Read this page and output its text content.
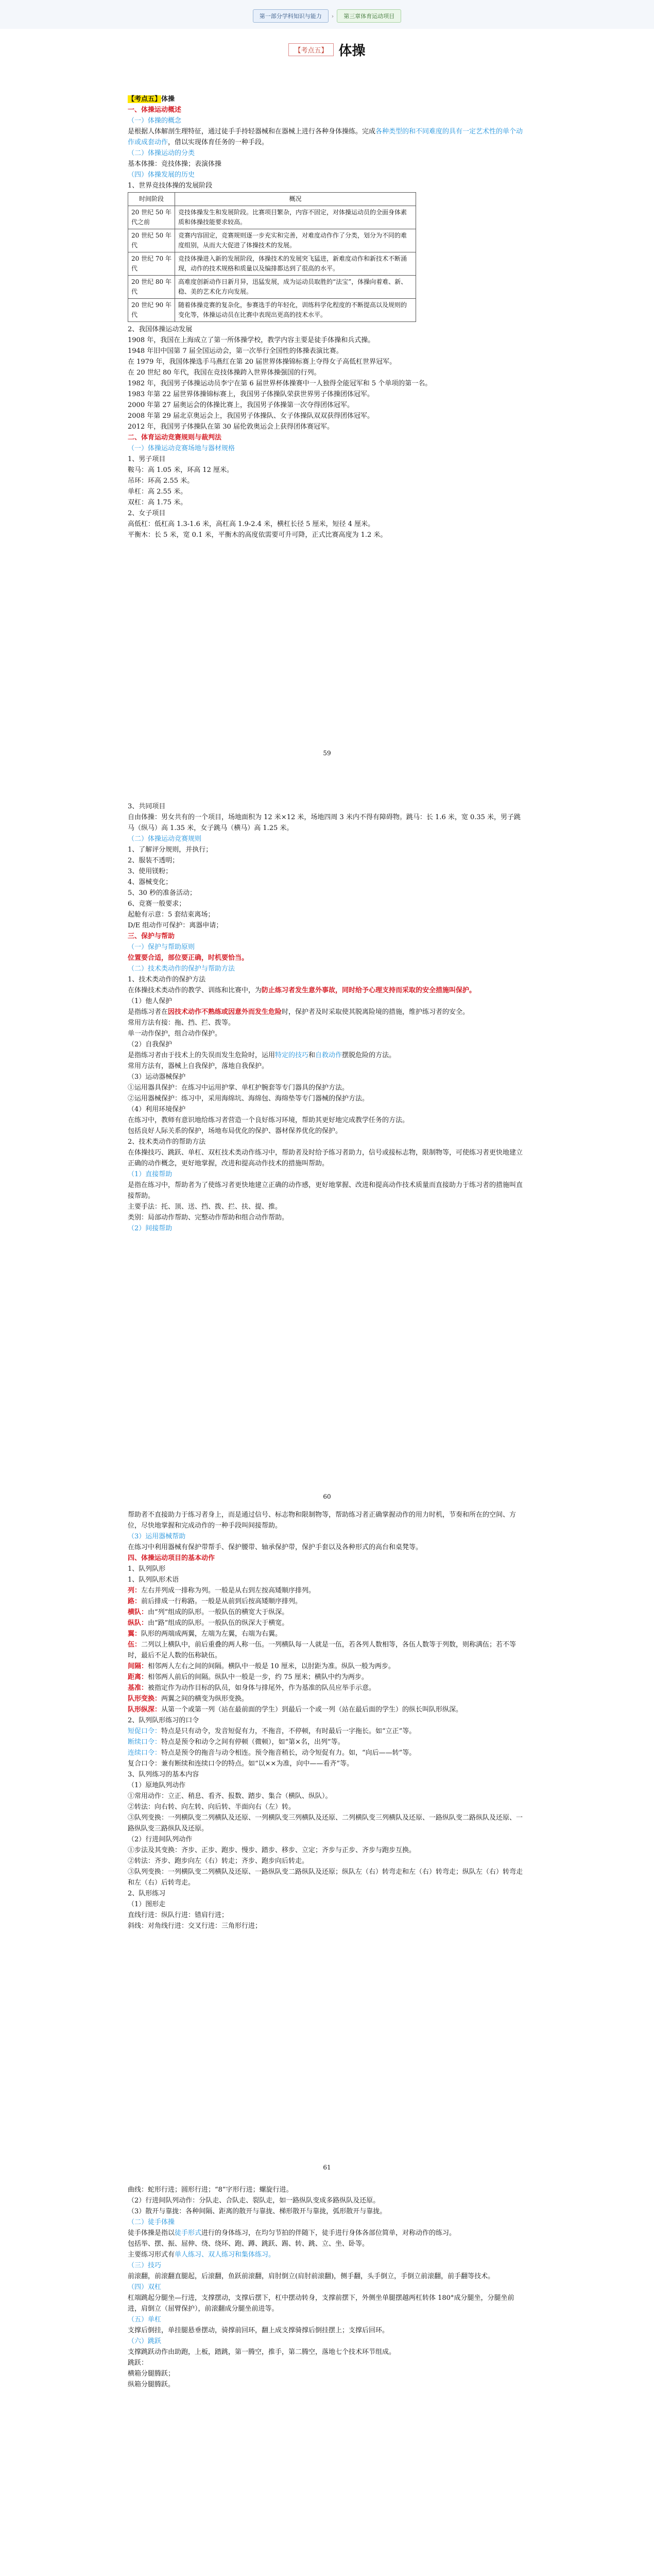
第一部分学科知识与能力 › 第三章体育运动项目
【考点五】 体操
【考点五】体操
一、体操运动概述
（一）体操的概念
是根据人体解剖生理特征，通过徒手手持轻器械和在器械上进行各种身体操练。完成各种类型的和不同难度的具有一定艺术性的单个动作或成套动作，借以实现体育任务的一种手段。
（二）体操运动的分类
基本体操：竞技体操；表演体操
（四）体操发展的历史
1、世界竞技体操的发展阶段
时间阶段	概况
20 世纪 50 年代之前	竞技体操发生和发展阶段。比赛项目繁杂，内容不固定，对体操运动员的全面身体素质和体操技能要求较高。
20 世纪 50 年代	竞赛内容固定，竞赛规则逐一步充实和完善，对难度动作作了分类，划分为不同的难度组别，从而大大促进了体操技术的发展。
20 世纪 70 年代	竞技体操进入新的发展阶段，体操技术的发展突飞猛进，新难度动作和新技术不断涌现，动作的技术规格和质量以及编排都达到了很高的水平。
20 世纪 80 年代	高难度创新动作日新月异，迅猛发展，成为运动员取胜的“法宝”，体操向着难、新、稳、美的艺术化方向发展。
20 世纪 90 年代	随着体操竞赛的复杂化，参赛选手的年轻化，训练科学化程度的不断提高以及规则的变化等，体操运动员在比赛中表现出更高的技术水平。
2、我国体操运动发展
1908 年，我国在上海成立了第一所体操学校，教学内容主要是徒手体操和兵式操。
1948 年旧中国第 7 届全国运动会，第一次举行全国性的体操表演比赛。
在 1979 年，我国体操选手马燕红在第 20 届世界体操锦标赛上夺得女子高低杠世界冠军。
在 20 世纪 80 年代，我国在竞技体操跨入世界体操强国的行列。
1982 年，我国男子体操运动员李宁在第 6 届世界杯体操赛中一人独得全能冠军和 5 个单项的第一名。
1983 年第 22 届世界体操锦标赛上，我国男子体操队荣获世界男子体操团体冠军。
2000 年第 27 届奥运会的体操比赛上，我国男子体操第一次夺得团体冠军。
2008 年第 29 届北京奥运会上，我国男子体操队、女子体操队双双获得团体冠军。
2012 年，我国男子体操队在第 30 届伦敦奥运会上获得团体赛冠军。
二、体育运动竞赛规则与裁判法
（一）体操运动竞赛场地与器材规格
1、男子项目
鞍马：高 1.05 米，环高 12 厘米。
吊环：环高 2.55 米。
单杠：高 2.55 米。
双杠：高 1.75 米。
2、女子项目
高低杠：低杠高 1.3-1.6 米，高杠高 1.9-2.4 米，横杠长径 5 厘米，短径 4 厘米。
平衡木：长 5 米，宽 0.1 米，平衡木的高度依需要可升可降，正式比赛高度为 1.2 米。
59
3、共同项目
自由体操：男女共有的一个项目，场地面积为 12 米×12 米，场地四周 3 米内不得有障碍物。跳马：长 1.6 米，宽 0.35 米，男子跳马（纵马）高 1.35 米，女子跳马（横马）高 1.25 米。
（二）体操运动竞赛规则
1、了解评分规则，并执行；
2、服装不透明；
3、使用镁粉；
4、器械变化；
5、30 秒的准备活动；
6、竞赛一般要求；
起舱有示意：5 套结束离场；
D/E 组动作可保护：离器申请；
三、保护与帮助
（一）保护与帮助原则
位置要合适，部位要正确，时机要恰当。
（二）技术类动作的保护与帮助方法
1、技术类动作的保护方法
在体操技术类动作的教学、训练和比赛中，为防止练习者发生意外事故，同时给予心理支持而采取的安全措施叫保护。
（1）他人保护
是指练习者在因技术动作不熟练或因意外而发生危险时，保护者及时采取使其脱离险境的措施，维护练习者的安全。
常用方法有接：拖、挡、拦、拨等。
单一动作保护，组合动作保护。
（2）自我保护
是指练习者由于技术上的失误而发生危险时，运用特定的技巧和自救动作摆脱危险的方法。
常用方法有，器械上自我保护，落地自我保护。
（3）运动器械保护
①运用器具保护：在练习中运用护掌、单杠护腕套等专门器具的保护方法。
②运用器械保护：练习中，采用海绵坑、海绵包、海绵垫等专门器械的保护方法。
（4）利用环境保护
在练习中，教师有意识地给练习者营造一个良好练习环境，帮助其更好地完成教学任务的方法。
包括良好人际关系的保护，场地布局优化的保护、器材保养优化的保护。
2、技术类动作的帮助方法
在体操技巧、跳跃、单杠、双杠技术类动作练习中，帮助者及时给予练习者助力，信号或接标志物，限制物等，可使练习者更快地建立正确的动作概念，更好地掌握，改进和提高动作技术的措施叫帮助。
（1）直接帮助
是指在练习中，帮助者为了使练习者更快地建立正确的动作感，更好地掌握、改进和提高动作技术质量而直接助力于练习者的措施叫直接帮助。
主要手法：托、顶、送、挡、拨、拦、扶、提、推。
类别：局部动作帮助、完整动作帮助和组合动作帮助。
（2）间接帮助
60
帮助者不直接助力于练习者身上，而是通过信号、标志物和限制物等，帮助练习者正确掌握动作的用力时机，节奏和所在的空间、方位，尽快地掌握和完成动作的一种手段叫间接帮助。
（3）运用器械帮助
在练习中利用器械有保护带帮手、保护腰带、轴承保护带，保护手套以及各种形式的高台和桌凳等。
四、体操运动项目的基本动作
1、队列队形
1、队列队形术语
列：左右并列成一排称为列。一般是从右到左按高矮顺序排列。
路：前后排成一行称路。一般是从前到后按高矮顺序排列。
横队：由“列”组成的队形。一般队伍的横宽大于纵深。
纵队：由“路”组成的队形。一般队伍的纵深大于横宽。
翼：队形的两端成两翼，左端为左翼，右端为右翼。
伍：二列以上横队中，前后重叠的两人称一伍。一列横队每一人就是一伍，若各列人数相等，各伍人数等于列数，则称满伍；若不等时，最后不足人数的伍称缺伍。
间隔：相邻两人左右之间的间隔。横队中一般是 10 厘米，以肘距为准。纵队一般为两步。
距离：相邻两人前后的间隔。纵队中一般是一步，约 75 厘米；横队中约为两步。
基准：被指定作为动作目标的队员，如身体与排尾外，作为基准的队员应举手示意。
队形变换：两翼之间的横变为纵形变换。
队形纵深：从第一个或第一列（站在最前面的学生）到最后一个或一列（站在最后面的学生）的纵长叫队形纵深。
2、队列队形练习的口令
短促口令：特点是只有动令，发音短促有力，不拖音，不停顿，有时最后一字拖长。如“立正”等。
断续口令：特点是预令和动令之间有停顿（微顿），如“第×名，出列”等。
连续口令：特点是预令的拖音与动令相连。预令拖音稍长，动令短促有力。如，“向后——转”等。
复合口令：兼有断续和连续口令的特点。如“以××为准，向中——看齐”等。
3、队列练习的基本内容
（1）原地队列动作
①常用动作：立正、稍息、看齐、报数、踏步、集合（横队、纵队）。
②转法：向右转、向左转、向后转、半面向右（左）转。
③队列变换：一列横队变二列横队及还原、一列横队变三列横队及还原、二列横队变三列横队及还原、一路纵队变二路纵队及还原、一路纵队变三路纵队及还原。
（2）行进间队列动作
①步法及其变换：齐步、正步、跑步、慢步、踏步、移步、立定；齐步与正步、齐步与跑步互换。
②转法：齐步、跑步向左（右）转走；齐步、跑步向后转走。
③队列变换：一列横队变二列横队及还原、一路纵队变二路纵队及还原；纵队左（右）转弯走和左（右）转弯走；纵队左（右）转弯走和左（右）后转弯走。
2、队形练习
（1）图形走
直线行进：纵队行进：错肩行进；
斜线：对角线行进：交叉行进：三角形行进；
61
曲线：蛇形行进；圆形行进；“8”字形行进；螺旋行进。
（2）行进间队列动作：分队走、合队走、裂队走，如一路纵队变成多路纵队及还原。
（3）散开与靠拢：各种间隔、距离的散开与靠拢、梯形散开与靠拢，弧形散开与靠拢。
（二）徒手体操
徒手体操是指以徒手形式进行的身体练习，在均匀节拍的伴随下，徒手进行身体各部位简单，对称动作的练习。
包括举、摆、振、屈伸、绕、绕环、跑、蹲、跳跃、踢、转、跳、立、坐、卧等。
主要练习形式有单人练习、双人练习和集体练习。
（三）技巧
前滚翻，前滚翻直腿起，后滚翻，鱼跃前滚翻，肩肘倒立(肩肘前滚翻)，侧手翻，头手倒立，手倒立前滚翻，前手翻等技术。
（四）双杠
杠端跳起分腿坐—行进，支撑摆动，支撑后摆下，杠中摆动转身，支撑前摆下，外侧坐单腿摆越两杠转体 180°成分腿坐，分腿坐前进，肩倒立（屈臂保护），前滚翻成分腿坐前进等。
（五）单杠
支撑后倒挂，单挂腿悬垂摆动，骑撑前回环，翻上成支撑骑撑后倒挂摆上；支撑后回环。
（六）跳跃
支撑跳跃动作由助跑，上板，踏跳，第一腾空，推手，第二腾空，落地七个技术环节组成。
跳跃：
横箱分腿腾跃；
纵箱分腿腾跃。
